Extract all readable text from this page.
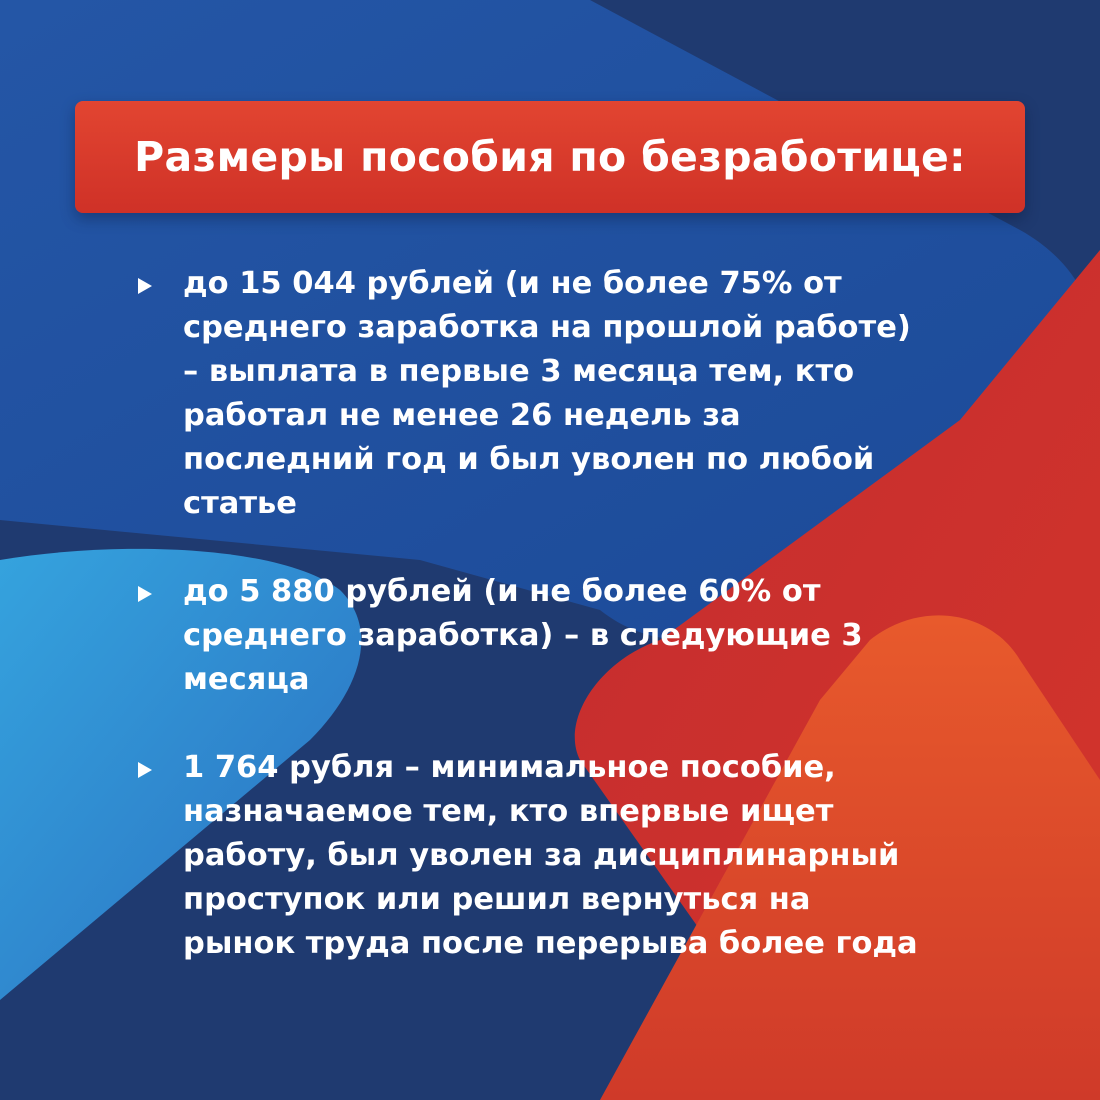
Размеры пособия по безработице:
до 15 044 рублей (и не более 75% от
среднего заработка на прошлой работе)
– выплата в первые 3 месяца тем, кто
работал не менее 26 недель за
последний год и был уволен по любой
статье
до 5 880 рублей (и не более 60% от
среднего заработка) – в следующие 3
месяца
1 764 рубля – минимальное пособие,
назначаемое тем, кто впервые ищет
работу, был уволен за дисциплинарный
проступок или решил вернуться на
рынок труда после перерыва более года
